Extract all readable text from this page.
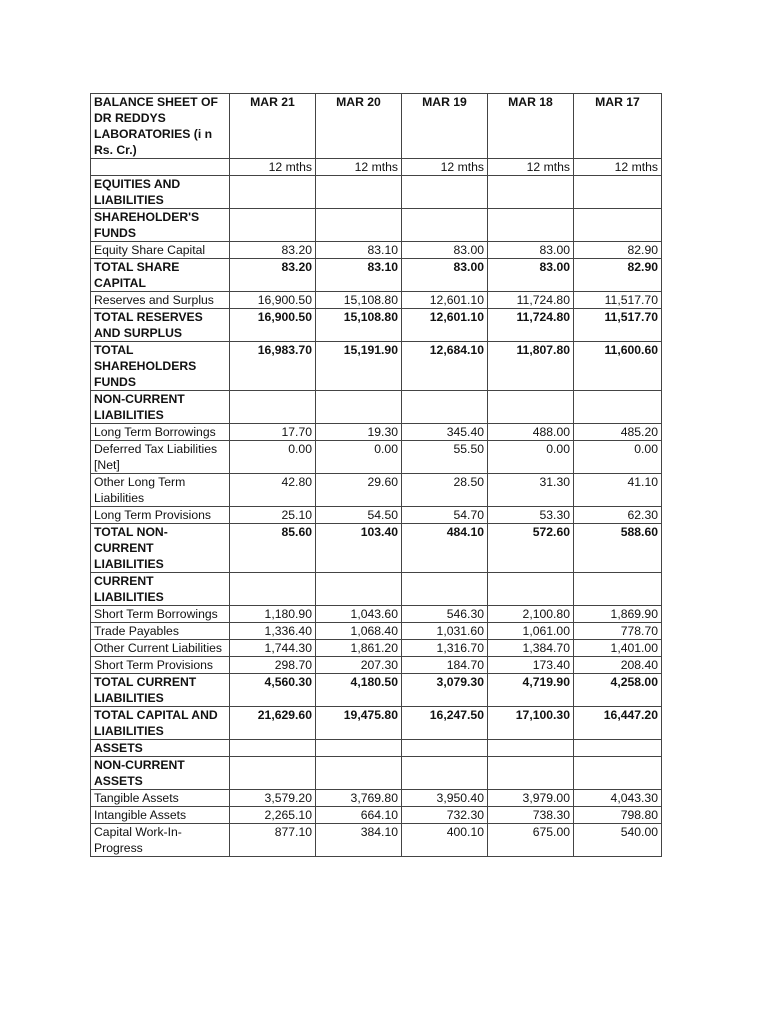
BALANCE SHEET OF DR REDDYS LABORATORIES (i n Rs. Cr.)	MAR 21	MAR 20	MAR 19	MAR 18	MAR 17
	12 mths	12 mths	12 mths	12 mths	12 mths
EQUITIES AND LIABILITIES					
SHAREHOLDER'S FUNDS					
Equity Share Capital	83.20	83.10	83.00	83.00	82.90
TOTAL SHARE CAPITAL	83.20	83.10	83.00	83.00	82.90
Reserves and Surplus	16,900.50	15,108.80	12,601.10	11,724.80	11,517.70
TOTAL RESERVES AND SURPLUS	16,900.50	15,108.80	12,601.10	11,724.80	11,517.70
TOTAL SHAREHOLDERS FUNDS	16,983.70	15,191.90	12,684.10	11,807.80	11,600.60
NON-CURRENT LIABILITIES					
Long Term Borrowings	17.70	19.30	345.40	488.00	485.20
Deferred Tax Liabilities [Net]	0.00	0.00	55.50	0.00	0.00
Other Long Term Liabilities	42.80	29.60	28.50	31.30	41.10
Long Term Provisions	25.10	54.50	54.70	53.30	62.30
TOTAL NON-CURRENT LIABILITIES	85.60	103.40	484.10	572.60	588.60
CURRENT LIABILITIES					
Short Term Borrowings	1,180.90	1,043.60	546.30	2,100.80	1,869.90
Trade Payables	1,336.40	1,068.40	1,031.60	1,061.00	778.70
Other Current Liabilities	1,744.30	1,861.20	1,316.70	1,384.70	1,401.00
Short Term Provisions	298.70	207.30	184.70	173.40	208.40
TOTAL CURRENT LIABILITIES	4,560.30	4,180.50	3,079.30	4,719.90	4,258.00
TOTAL CAPITAL AND LIABILITIES	21,629.60	19,475.80	16,247.50	17,100.30	16,447.20
ASSETS					
NON-CURRENT ASSETS					
Tangible Assets	3,579.20	3,769.80	3,950.40	3,979.00	4,043.30
Intangible Assets	2,265.10	664.10	732.30	738.30	798.80
Capital Work-In-Progress	877.10	384.10	400.10	675.00	540.00
